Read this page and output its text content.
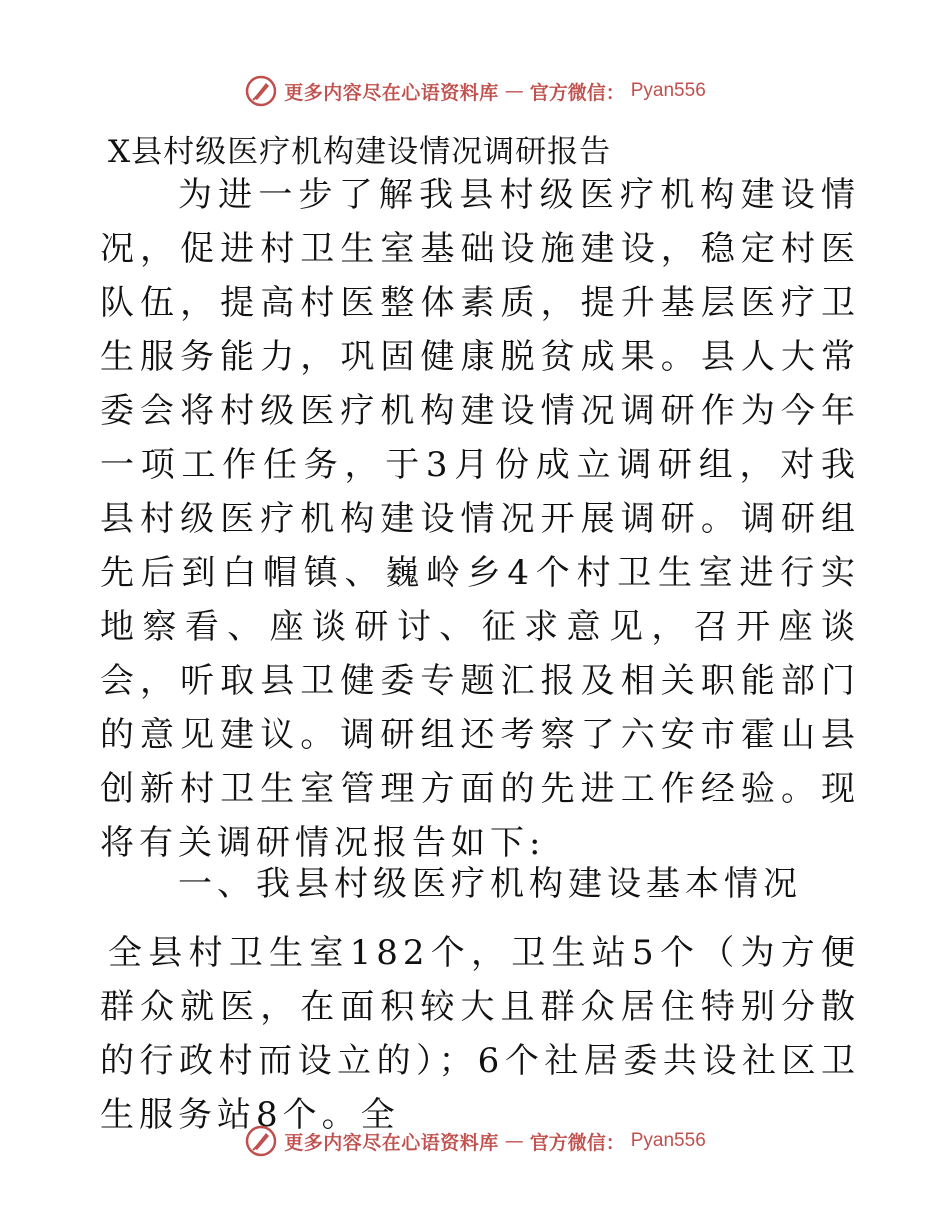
更多内容尽在心语资料库 — 官方微信： Pyan556
X县村级医疗机构建设情况调研报告
为进一步了解我县村级医疗机构建设情况，促进村卫生室基础设施建设，稳定村医队伍，提高村医整体素质，提升基层医疗卫生服务能力，巩固健康脱贫成果。县人大常委会将村级医疗机构建设情况调研作为今年一项工作任务，于3月份成立调研组，对我县村级医疗机构建设情况开展调研。调研组先后到白帽镇、巍岭乡4个村卫生室进行实地察看、座谈研讨、征求意见，召开座谈会，听取县卫健委专题汇报及相关职能部门的意见建议。调研组还考察了六安市霍山县创新村卫生室管理方面的先进工作经验。现将有关调研情况报告如下:
一、我县村级医疗机构建设基本情况
全县村卫生室182个，卫生站5个（为方便群众就医，在面积较大且群众居住特别分散的行政村而设立的）；6个社居委共设社区卫生服务站8个。全
更多内容尽在心语资料库 — 官方微信： Pyan556
